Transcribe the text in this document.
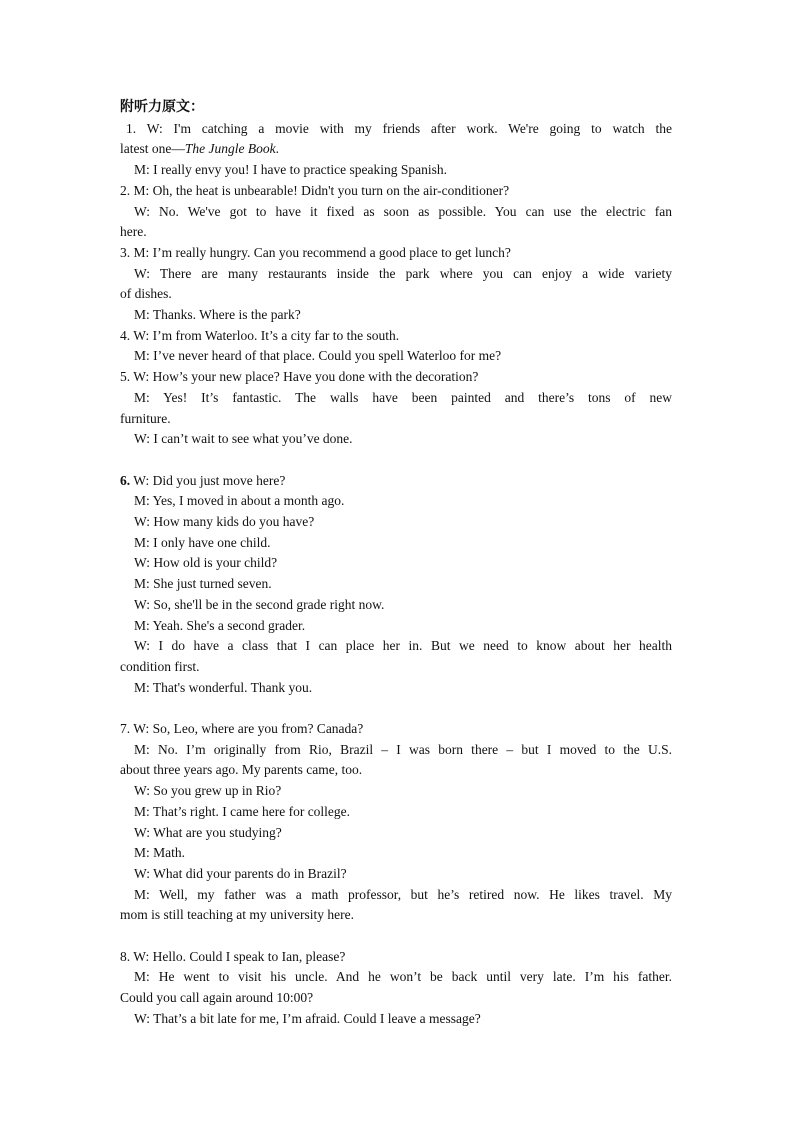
附听力原文：
1. W: I'm catching a movie with my friends after work. We're going to watch the
latest one—The Jungle Book.
M: I really envy you! I have to practice speaking Spanish.
2. M: Oh, the heat is unbearable! Didn't you turn on the air-conditioner?
W: No. We've got to have it fixed as soon as possible. You can use the electric fan
here.
3. M: I’m really hungry. Can you recommend a good place to get lunch?
W: There are many restaurants inside the park where you can enjoy a wide variety
of dishes.
M: Thanks. Where is the park?
4. W: I’m from Waterloo. It’s a city far to the south.
M: I’ve never heard of that place. Could you spell Waterloo for me?
5. W: How’s your new place? Have you done with the decoration?
M: Yes! It’s fantastic. The walls have been painted and there’s tons of new
furniture.
W: I can’t wait to see what you’ve done.
6. W: Did you just move here?
M: Yes, I moved in about a month ago.
W: How many kids do you have?
M: I only have one child.
W: How old is your child?
M: She just turned seven.
W: So, she'll be in the second grade right now.
M: Yeah. She's a second grader.
W: I do have a class that I can place her in. But we need to know about her health
condition first.
M: That's wonderful. Thank you.
7. W: So, Leo, where are you from? Canada?
M: No. I’m originally from Rio, Brazil – I was born there – but I moved to the U.S.
about three years ago. My parents came, too.
W: So you grew up in Rio?
M: That’s right. I came here for college.
W: What are you studying?
M: Math.
W: What did your parents do in Brazil?
M: Well, my father was a math professor, but he’s retired now. He likes travel. My
mom is still teaching at my university here.
8. W: Hello. Could I speak to Ian, please?
M: He went to visit his uncle. And he won’t be back until very late. I’m his father.
Could you call again around 10:00?
W: That’s a bit late for me, I’m afraid. Could I leave a message?
